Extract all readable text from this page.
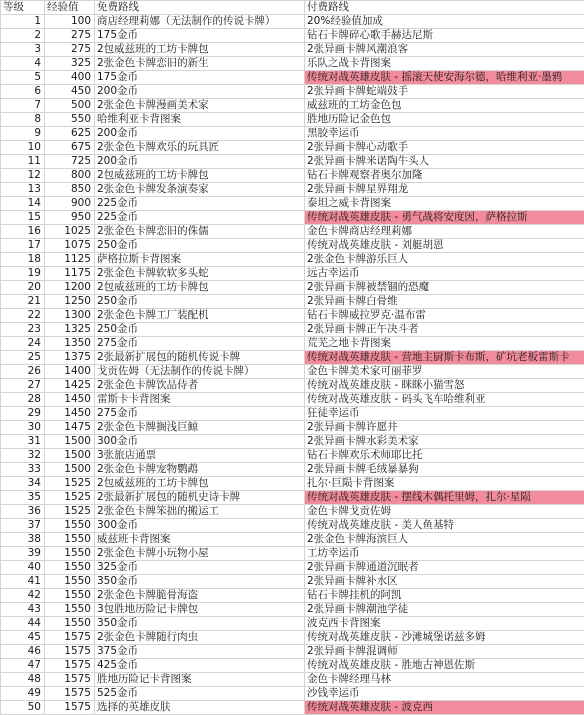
等级	经验值	免费路线	付费路线
1	100	商店经理莉娜（无法制作的传说卡牌）	20%经验值加成
2	275	175金币	钻石卡牌碎心歌手赫达尼斯
3	275	2包威兹班的工坊卡牌包	2张异画卡牌风潮浪客
4	325	2张金色卡牌恋旧的新生	乐队之战卡背图案
5	400	175金币	传统对战英雄皮肤 - 摇滚天使安海尔德，哈维利亚·墨鸦
6	450	200金币	2张异画卡牌蛇端鼓手
7	500	2张金色卡牌漫画美术家	威兹班的工坊金色包
8	550	哈维利亚卡背图案	胜地历险记金色包
9	625	200金币	黑胶幸运币
10	675	2张金色卡牌欢乐的玩具匠	2张异画卡牌心动歌手
11	725	200金币	2张异画卡牌米诺陶牛头人
12	800	2包威兹班的工坊卡牌包	钻石卡牌观察者奥尔加隆
13	850	2张金色卡牌发条演奏家	2张异画卡牌星界翔龙
14	900	225金币	泰坦之威卡背图案
15	950	225金币	传统对战英雄皮肤 - 勇气战将安度因，萨格拉斯
16	1025	2张金色卡牌恋旧的侏儒	金色卡牌商店经理莉娜
17	1075	250金币	传统对战英雄皮肤 - 刘艇胡恩
18	1125	萨格拉斯卡背图案	2张金色卡牌游乐巨人
19	1175	2张金色卡牌软软多头蛇	远古幸运币
20	1200	2包威兹班的工坊卡牌包	2张异画卡牌被禁锢的恐魔
21	1250	250金币	2张异画卡牌白骨维
22	1300	2张金色卡牌工厂装配机	钻石卡牌威拉罗克·温布雷
23	1325	250金币	2张异画卡牌正午决斗者
24	1350	275金币	荒芜之地卡背图案
25	1375	2张最新扩展包的随机传说卡牌	传统对战英雄皮肤 - 营地主厨斯卡布斯，矿坑老板雷斯卡
26	1400	戈贡佐姆（无法制作的传说卡牌）	金色卡牌美术家可丽菲罗
27	1425	2张金色卡牌饮品侍者	传统对战英雄皮肤 - 眯眯小猫雪怒
28	1450	雷斯卡卡背图案	传统对战英雄皮肤 - 码头飞车哈维利亚
29	1450	275金币	狂徒幸运币
30	1475	2张金色卡牌搁浅巨鲸	2张异画卡牌许愿井
31	1500	300金币	2张异画卡牌水彩美术家
32	1500	3张旅店通票	钻石卡牌欢乐术师耶比托
33	1500	2张金色卡牌宠物鹦鹉	2张异画卡牌毛绒暴暴狗
34	1525	2包威兹班的工坊卡牌包	扎尔·巨陨卡背图案
35	1525	2张最新扩展包的随机史诗卡牌	传统对战英雄皮肤 - 摆线木偶托里姆，扎尔·星陨
36	1525	2张金色卡牌笨拙的搬运工	金色卡牌戈贡佐姆
37	1550	300金币	传统对战英雄皮肤 - 美人鱼基特
38	1550	威兹班卡背图案	2张金色卡牌海滨巨人
39	1550	2张金色卡牌小玩物小屋	工坊幸运币
40	1550	325金币	2张异画卡牌通道沉眠者
41	1550	350金币	2张异画卡牌补水区
42	1550	2张金色卡牌脆骨海盗	钻石卡牌挂机的阿凯
43	1550	3包胜地历险记卡牌包	2张异画卡牌潮池学徒
44	1550	350金币	波克西卡背图案
45	1575	2张金色卡牌随行肉虫	传统对战英雄皮肤 - 沙滩城堡诺兹多姆
46	1575	375金币	2张异画卡牌混调师
47	1575	425金币	传统对战英雄皮肤 - 胜地古神恩佐斯
48	1575	胜地历险记卡背图案	金色卡牌经理马林
49	1575	525金币	沙钱幸运币
50	1575	选择的英雄皮肤	传统对战英雄皮肤 - 波克西
